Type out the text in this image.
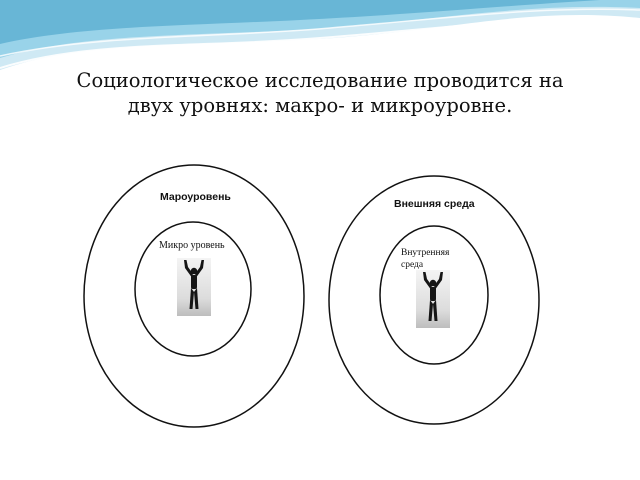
Социологическое исследование проводится на
двух уровнях: макро- и микроуровне.
Мароуровень
Микро уровень
Внешняя среда
Внутренняя среда
